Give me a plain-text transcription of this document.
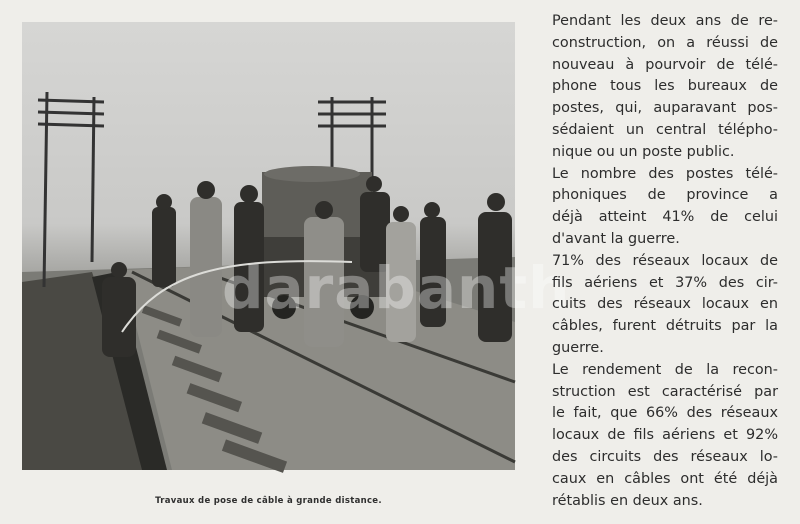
darabanth
Travaux de pose de câble à grande distance.
Pendant les deux ans de re-
construction, on a réussi de
nouveau à pourvoir de télé-
phone tous les bureaux de
postes, qui, auparavant pos-
sédaient un central télépho-
nique ou un poste public.
Le nombre des postes télé-
phoniques de province a
déjà atteint 41% de celui
d'avant la guerre.
71% des réseaux locaux de
fils aériens et 37% des cir-
cuits des réseaux locaux en
câbles, furent détruits par la
guerre.
Le rendement de la recon-
struction est caractérisé par
le fait, que 66% des réseaux
locaux de fils aériens et 92%
des circuits des réseaux lo-
caux en câbles ont été déjà
rétablis en deux ans.
